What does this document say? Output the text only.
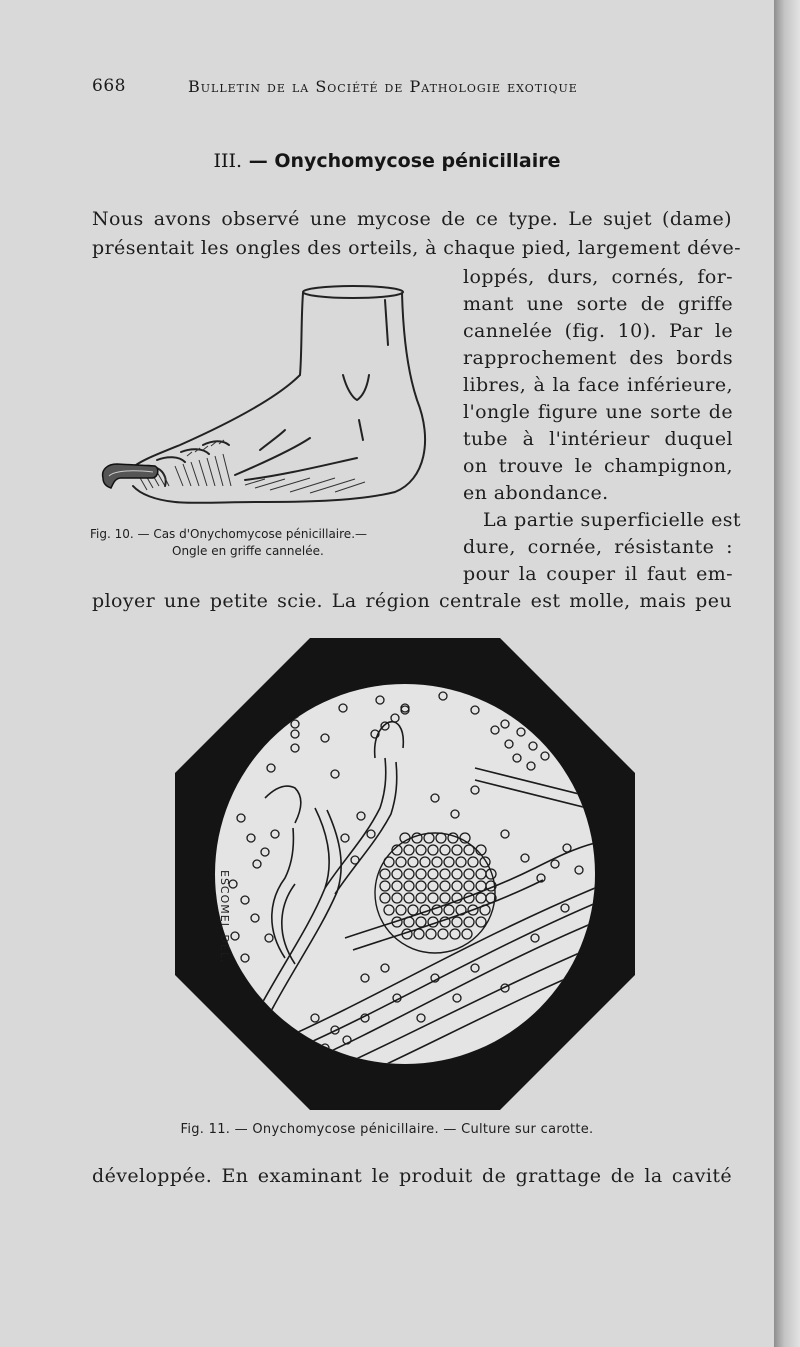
668	Bulletin de la Société de Pathologie exotique
III. — Onychomycose pénicillaire
Nous avons observé une mycose de ce type. Le sujet (dame)
présentait les ongles des orteils, à chaque pied, largement déve-
loppés, durs, cornés, for-
mant une sorte de griffe
cannelée (fig. 10). Par le
rapprochement des bords
libres, à la face inférieure,
l'ongle figure une sorte de
tube à l'intérieur duquel
on trouve le champignon,
en abondance.
La partie superficielle est
dure, cornée, résistante :
pour la couper il faut em-
ployer une petite scie. La région centrale est molle, mais peu
Fig. 10. — Cas d'Onychomycose pénicillaire.—
Ongle en griffe cannelée.
ESCOMEL DEL.
Fig. 11. — Onychomycose pénicillaire. — Culture sur carotte.
développée. En examinant le produit de grattage de la cavité
